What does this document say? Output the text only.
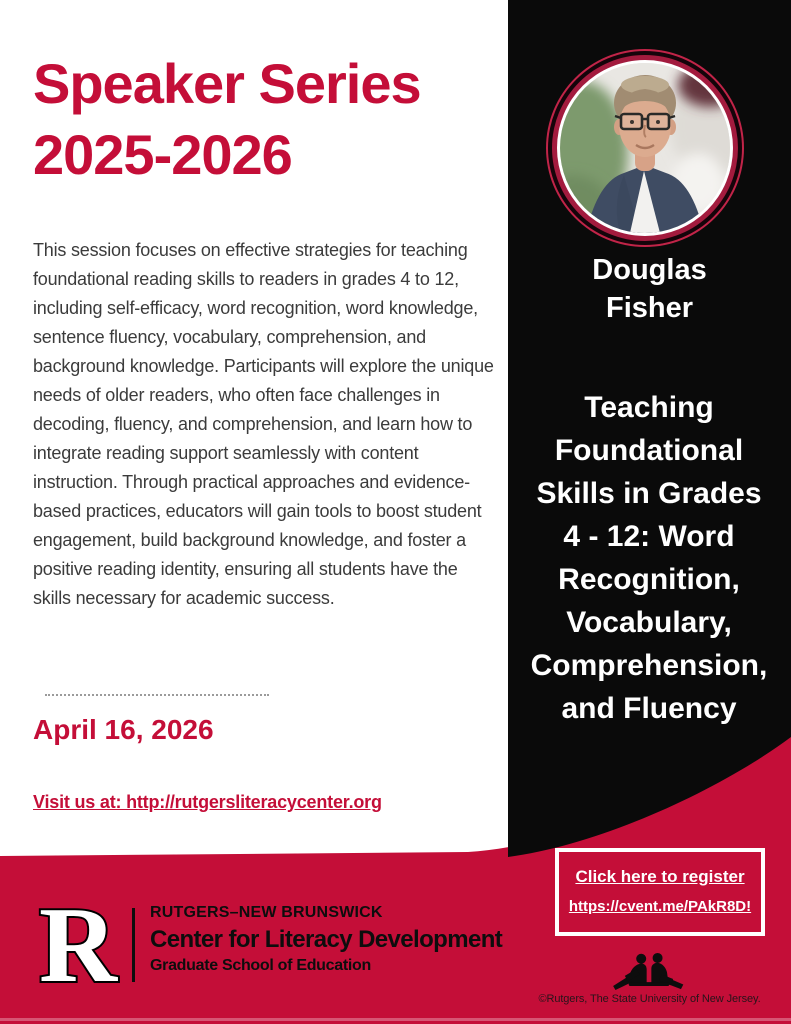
Speaker Series
2025-2026

This session focuses on effective strategies for teaching foundational reading skills to readers in grades 4 to 12, including self-efficacy, word recognition, word knowledge, sentence fluency, vocabulary, comprehension, and background knowledge. Participants will explore the unique needs of older readers, who often face challenges in decoding, fluency, and comprehension, and learn how to integrate reading support seamlessly with content instruction. Through practical approaches and evidence-based practices, educators will gain tools to boost student engagement, build background knowledge, and foster a positive reading identity, ensuring all students have the skills necessary for academic success.

April 16, 2026
Visit us at: http://rutgersliteracycenter.org
Douglas
Fisher
Teaching
Foundational
Skills in Grades
4 - 12: Word
Recognition,
Vocabulary,
Comprehension,
and Fluency
R RUTGERS–NEW BRUNSWICK
Center for Literacy Development
Graduate School of Education
Click here to register
https://cvent.me/PAkR8D!
©Rutgers, The State University of New Jersey.
